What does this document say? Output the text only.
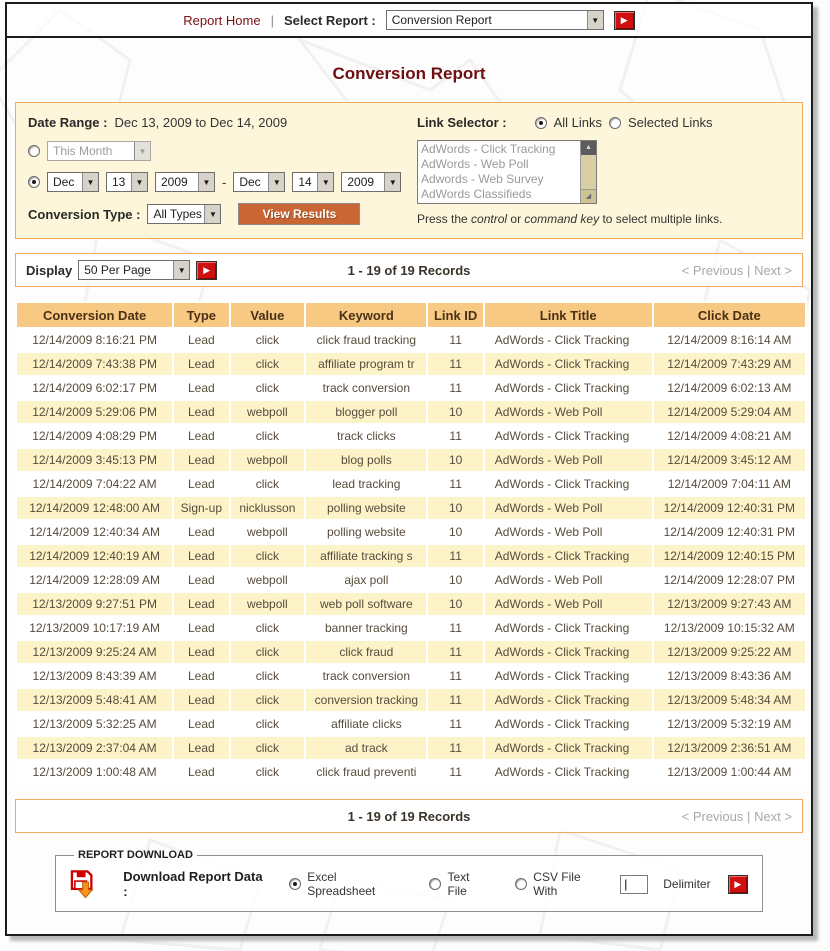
Report Home | Select Report :	Conversion Report	▼	▶
Conversion Report
Date Range : Dec 13, 2009 to Dec 14, 2009
This Month	▼
Dec	▼	13	▼	2009	▼ -	Dec	▼	14	▼	2009	▼
Conversion Type :	All Types ▼	View Results
Link Selector :	All Links Selected Links
AdWords - Click Tracking
AdWords - Web Poll
Adwords - Web Survey
AdWords Classifieds
▲
◢
Press the control or command key to select multiple links.
Display	50 Per Page	▼	▶	1 - 19 of 19 Records	< Previous | Next >
Conversion Date	Type	Value	Keyword	Link ID	Link Title	Click Date
12/14/2009 8:16:21 PM	Lead	click	click fraud tracking	11	AdWords - Click Tracking	12/14/2009 8:16:14 AM
12/14/2009 7:43:38 PM	Lead	click	affiliate program tr	11	AdWords - Click Tracking	12/14/2009 7:43:29 AM
12/14/2009 6:02:17 PM	Lead	click	track conversion	11	AdWords - Click Tracking	12/14/2009 6:02:13 AM
12/14/2009 5:29:06 PM	Lead	webpoll	blogger poll	10	AdWords - Web Poll	12/14/2009 5:29:04 AM
12/14/2009 4:08:29 PM	Lead	click	track clicks	11	AdWords - Click Tracking	12/14/2009 4:08:21 AM
12/14/2009 3:45:13 PM	Lead	webpoll	blog polls	10	AdWords - Web Poll	12/14/2009 3:45:12 AM
12/14/2009 7:04:22 AM	Lead	click	lead tracking	11	AdWords - Click Tracking	12/14/2009 7:04:11 AM
12/14/2009 12:48:00 AM	Sign-up	nicklusson	polling website	10	AdWords - Web Poll	12/14/2009 12:40:31 PM
12/14/2009 12:40:34 AM	Lead	webpoll	polling website	10	AdWords - Web Poll	12/14/2009 12:40:31 PM
12/14/2009 12:40:19 AM	Lead	click	affiliate tracking s	11	AdWords - Click Tracking	12/14/2009 12:40:15 PM
12/14/2009 12:28:09 AM	Lead	webpoll	ajax poll	10	AdWords - Web Poll	12/14/2009 12:28:07 PM
12/13/2009 9:27:51 PM	Lead	webpoll	web poll software	10	AdWords - Web Poll	12/13/2009 9:27:43 AM
12/13/2009 10:17:19 AM	Lead	click	banner tracking	11	AdWords - Click Tracking	12/13/2009 10:15:32 AM
12/13/2009 9:25:24 AM	Lead	click	click fraud	11	AdWords - Click Tracking	12/13/2009 9:25:22 AM
12/13/2009 8:43:39 AM	Lead	click	track conversion	11	AdWords - Click Tracking	12/13/2009 8:43:36 AM
12/13/2009 5:48:41 AM	Lead	click	conversion tracking	11	AdWords - Click Tracking	12/13/2009 5:48:34 AM
12/13/2009 5:32:25 AM	Lead	click	affiliate clicks	11	AdWords - Click Tracking	12/13/2009 5:32:19 AM
12/13/2009 2:37:04 AM	Lead	click	ad track	11	AdWords - Click Tracking	12/13/2009 2:36:51 AM
12/13/2009 1:00:48 AM	Lead	click	click fraud preventi	11	AdWords - Click Tracking	12/13/2009 1:00:44 AM
1 - 19 of 19 Records	< Previous | Next >
REPORT DOWNLOAD
Download Report Data :
Excel Spreadsheet
Text File
CSV File With
|	Delimiter	▶
